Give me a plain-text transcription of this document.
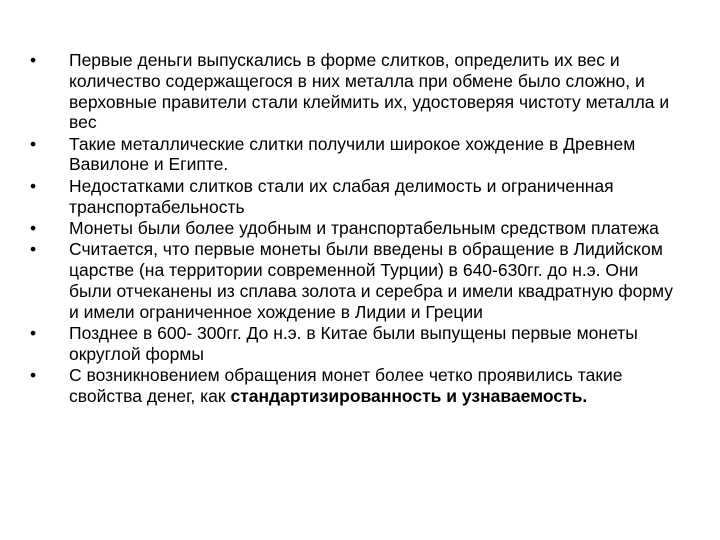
•	Первые деньги выпускались в форме слитков, определить их вес и количество содержащегося в них металла при обмене было сложно, и верховные правители стали клеймить их, удостоверяя чистоту металла и вес
•	Такие металлические слитки получили широкое хождение в Древнем Вавилоне и Египте.
•	Недостатками слитков стали их слабая делимость и ограниченная транспортабельность
•	Монеты были более удобным и транспортабельным средством платежа
•	Считается, что первые монеты были введены в обращение в Лидийском царстве (на территории современной Турции) в 640-630гг. до н.э. Они были отчеканены из сплава золота и серебра и имели квадратную форму и имели ограниченное хождение в Лидии и Греции
•	Позднее в 600- 300гг. До н.э. в Китае были выпущены первые монеты округлой формы
•	С возникновением обращения монет более четко проявились такие свойства денег, как стандартизированность и узнаваемость.
